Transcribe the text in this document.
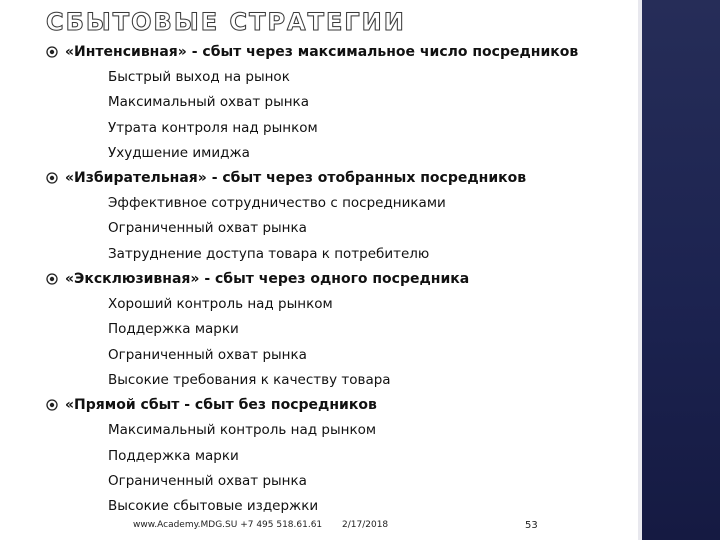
СБЫТОВЫЕ СТРАТЕГИИ
«Интенсивная» - сбыт через максимальное число посредников
Быстрый выход на рынок
Максимальный охват рынка
Утрата контроля над рынком
Ухудшение имиджа
«Избирательная» - сбыт через отобранных посредников
Эффективное сотрудничество с посредниками
Ограниченный охват рынка
Затруднение доступа товара к потребителю
«Эксклюзивная» - сбыт через одного посредника
Хороший контроль над рынком
Поддержка марки
Ограниченный охват рынка
Высокие требования к качеству товара
«Прямой сбыт - сбыт без посредников
Максимальный контроль над рынком
Поддержка марки
Ограниченный охват рынка
Высокие сбытовые издержки
www.Academy.MDG.SU +7 495 518.61.61 2/17/2018	53
